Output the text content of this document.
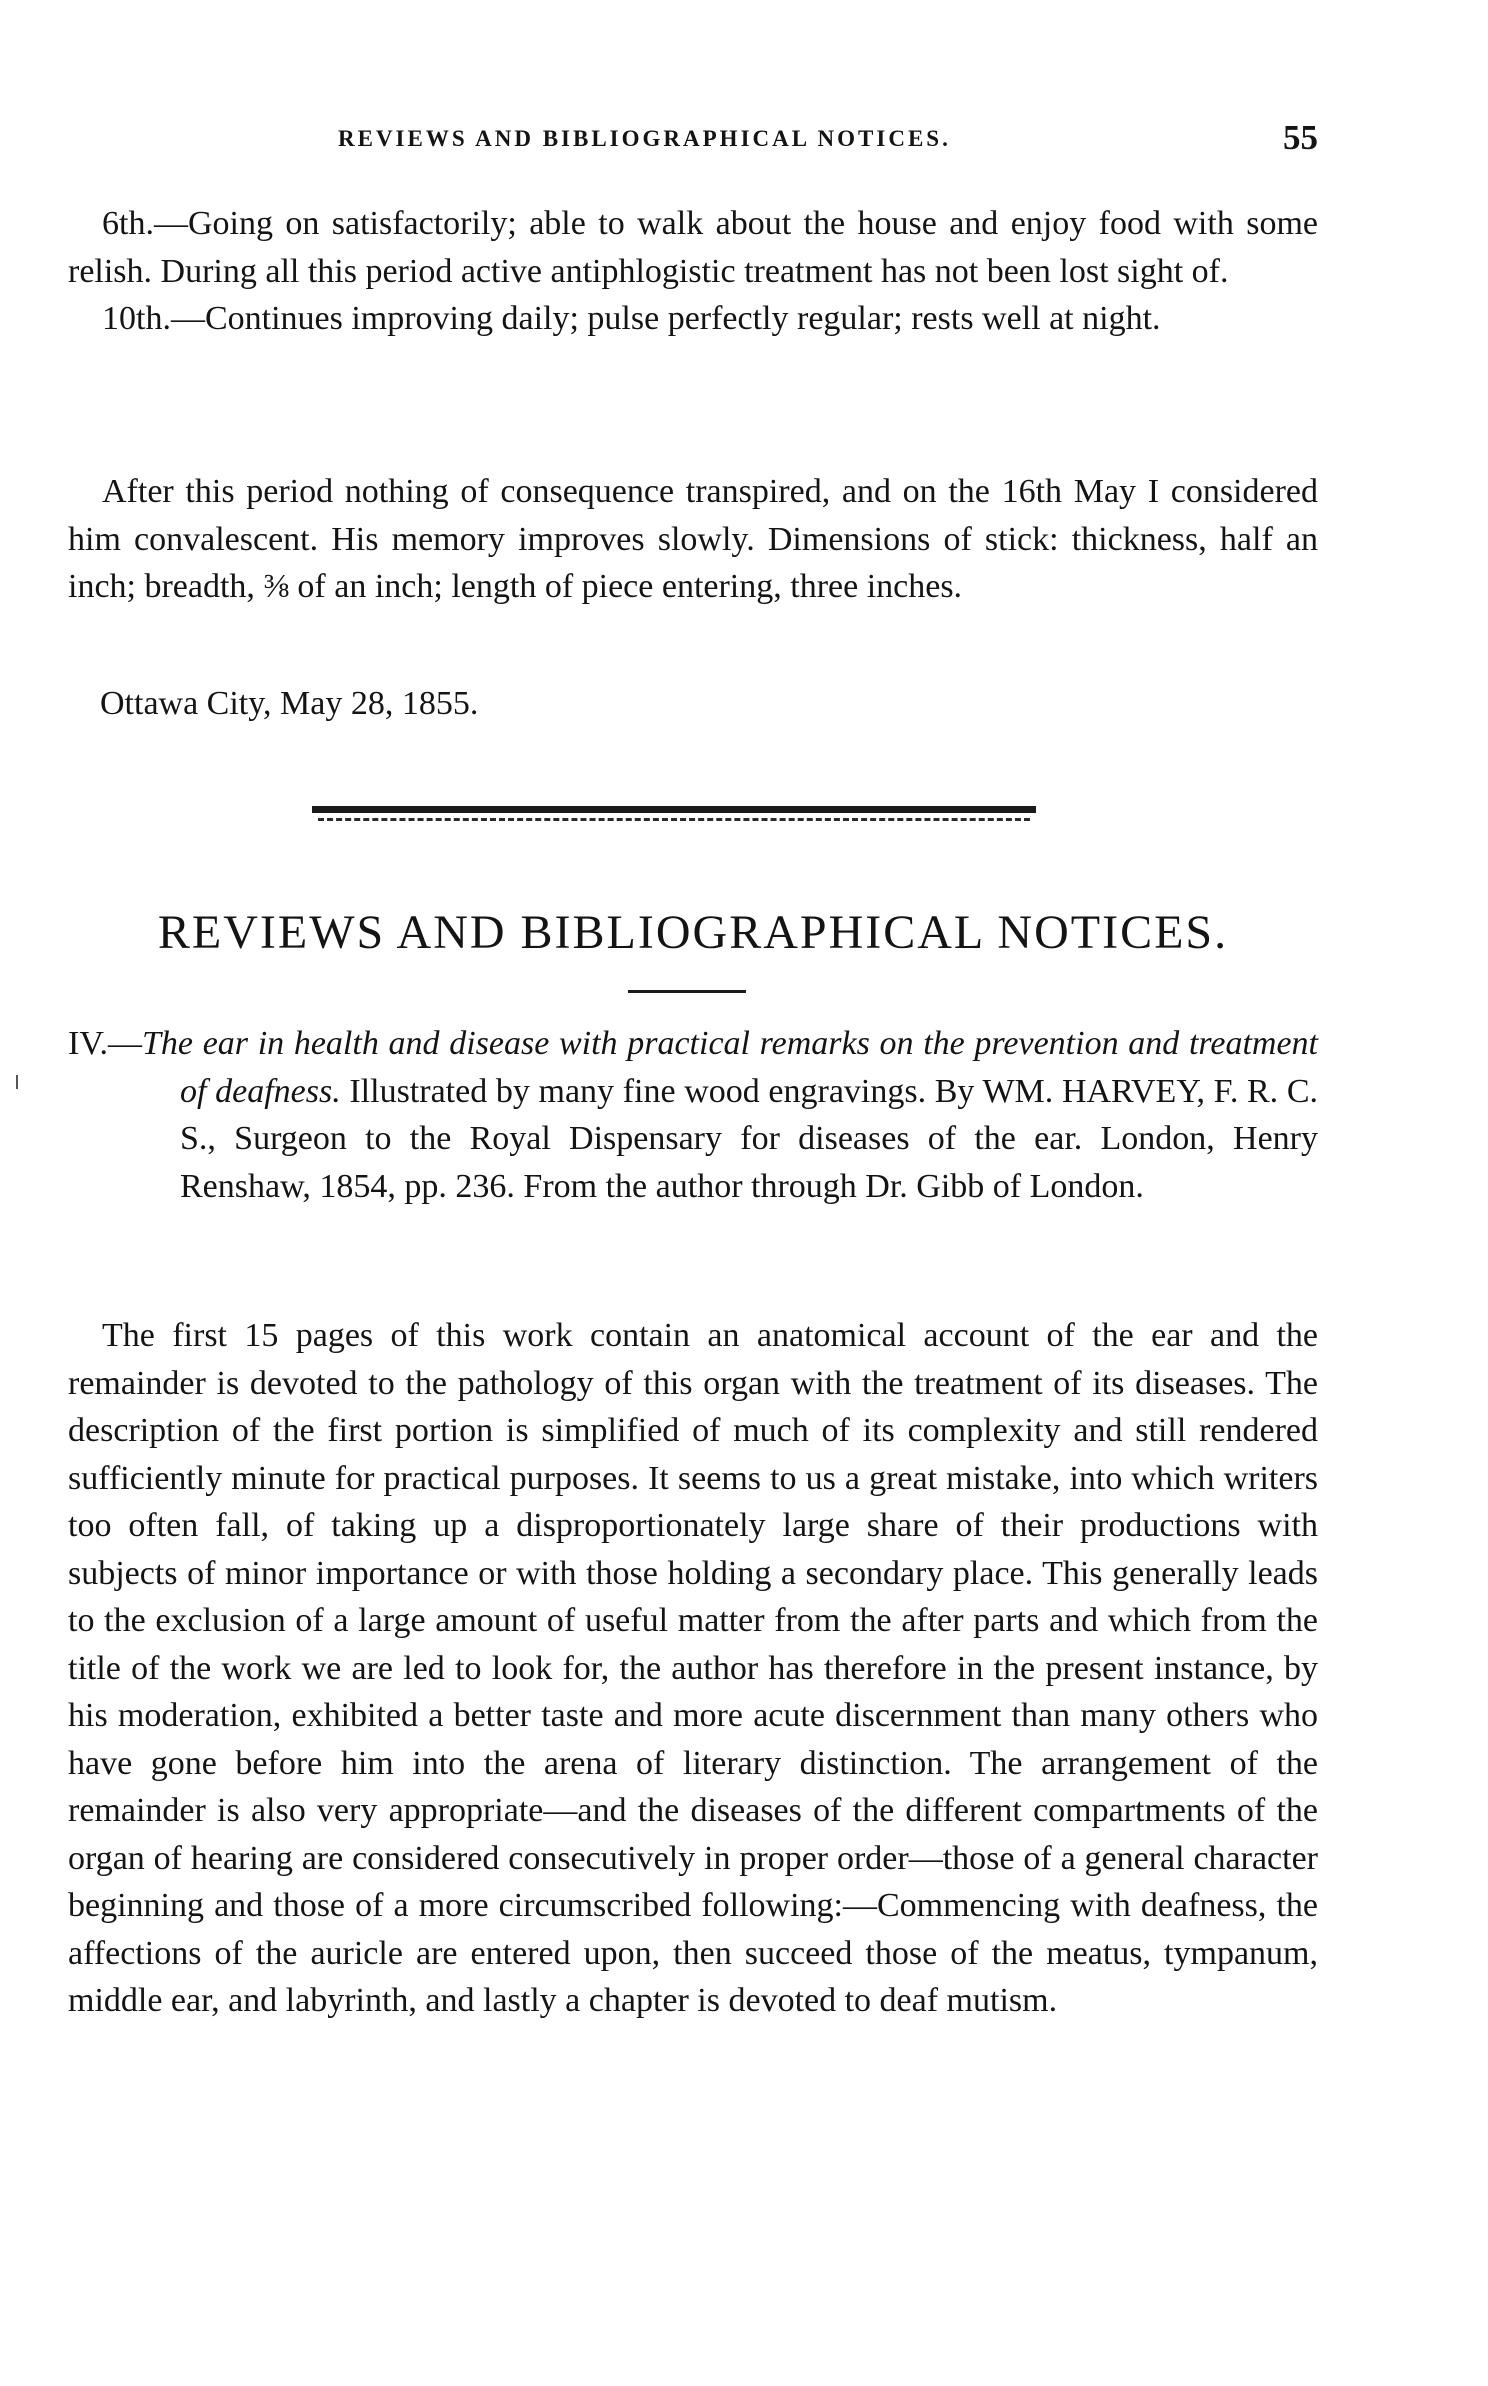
REVIEWS AND BIBLIOGRAPHICAL NOTICES.	55

6th.—Going on satisfactorily; able to walk about the house and enjoy food with some relish. During all this period active antiphlogistic treatment has not been lost sight of.

10th.—Continues improving daily; pulse perfectly regular; rests well at night.

After this period nothing of consequence transpired, and on the 16th May I considered him convalescent. His memory improves slowly. Dimensions of stick: thickness, half an inch; breadth, ⅜ of an inch; length of piece entering, three inches.

Ottawa City, May 28, 1855.
REVIEWS AND BIBLIOGRAPHICAL NOTICES.

IV.—The ear in health and disease with practical remarks on the prevention and treatment of deafness. Illustrated by many fine wood engravings. By WM. HARVEY, F. R. C. S., Surgeon to the Royal Dispensary for diseases of the ear. London, Henry Renshaw, 1854, pp. 236. From the author through Dr. Gibb of London.

The first 15 pages of this work contain an anatomical account of the ear and the remainder is devoted to the pathology of this organ with the treatment of its diseases. The description of the first portion is simplified of much of its complexity and still rendered sufficiently minute for practical purposes. It seems to us a great mistake, into which writers too often fall, of taking up a disproportionately large share of their productions with subjects of minor importance or with those holding a secondary place. This generally leads to the exclusion of a large amount of useful matter from the after parts and which from the title of the work we are led to look for, the author has therefore in the present instance, by his moderation, exhibited a better taste and more acute discernment than many others who have gone before him into the arena of literary distinction. The arrangement of the remainder is also very appropriate—and the diseases of the different compartments of the organ of hearing are considered consecutively in proper order—those of a general character beginning and those of a more circumscribed following:—Commencing with deafness, the affections of the auricle are entered upon, then succeed those of the meatus, tympanum, middle ear, and labyrinth, and lastly a chapter is devoted to deaf mutism.
